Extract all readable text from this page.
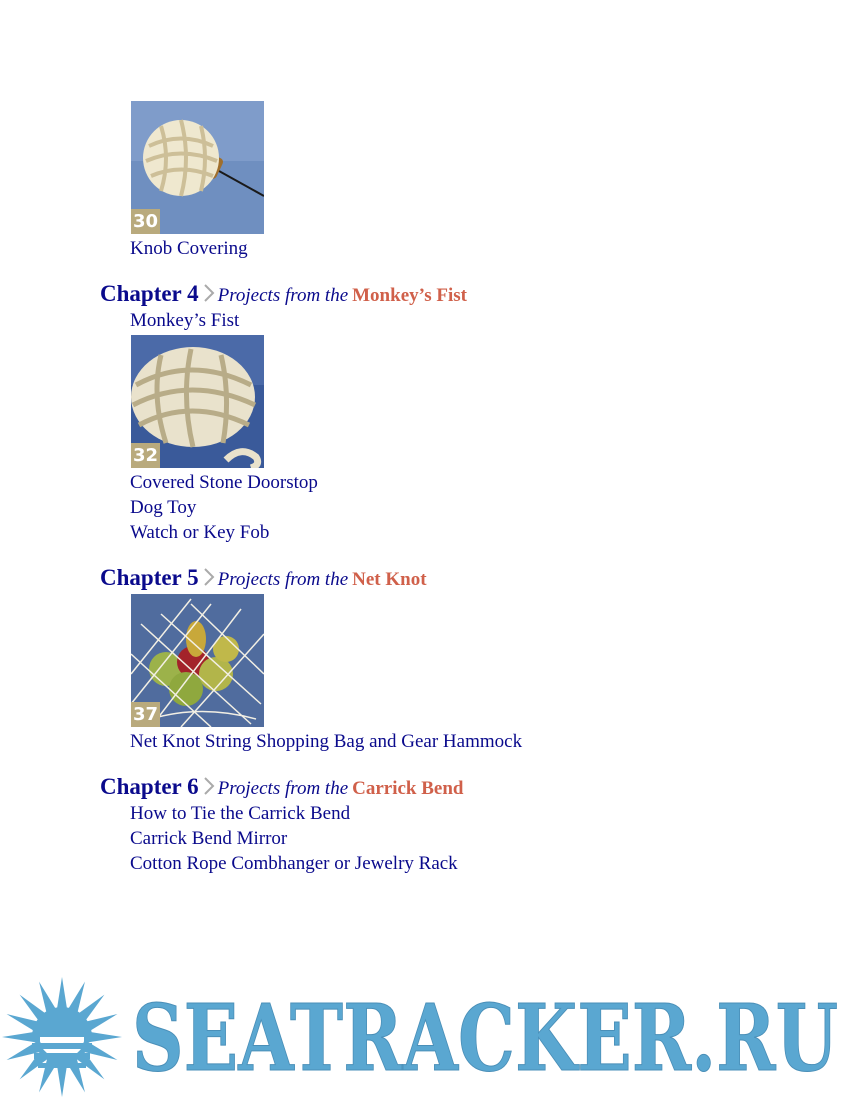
30
Knob Covering
Chapter 4 Projects from the Monkey’s Fist
Monkey’s Fist
32
Covered Stone Doorstop
Dog Toy
Watch or Key Fob
Chapter 5 Projects from the Net Knot
37
Net Knot String Shopping Bag and Gear Hammock
Chapter 6 Projects from the Carrick Bend
How to Tie the Carrick Bend
Carrick Bend Mirror
Cotton Rope Combhanger or Jewelry Rack
SEATRACKER.RU
